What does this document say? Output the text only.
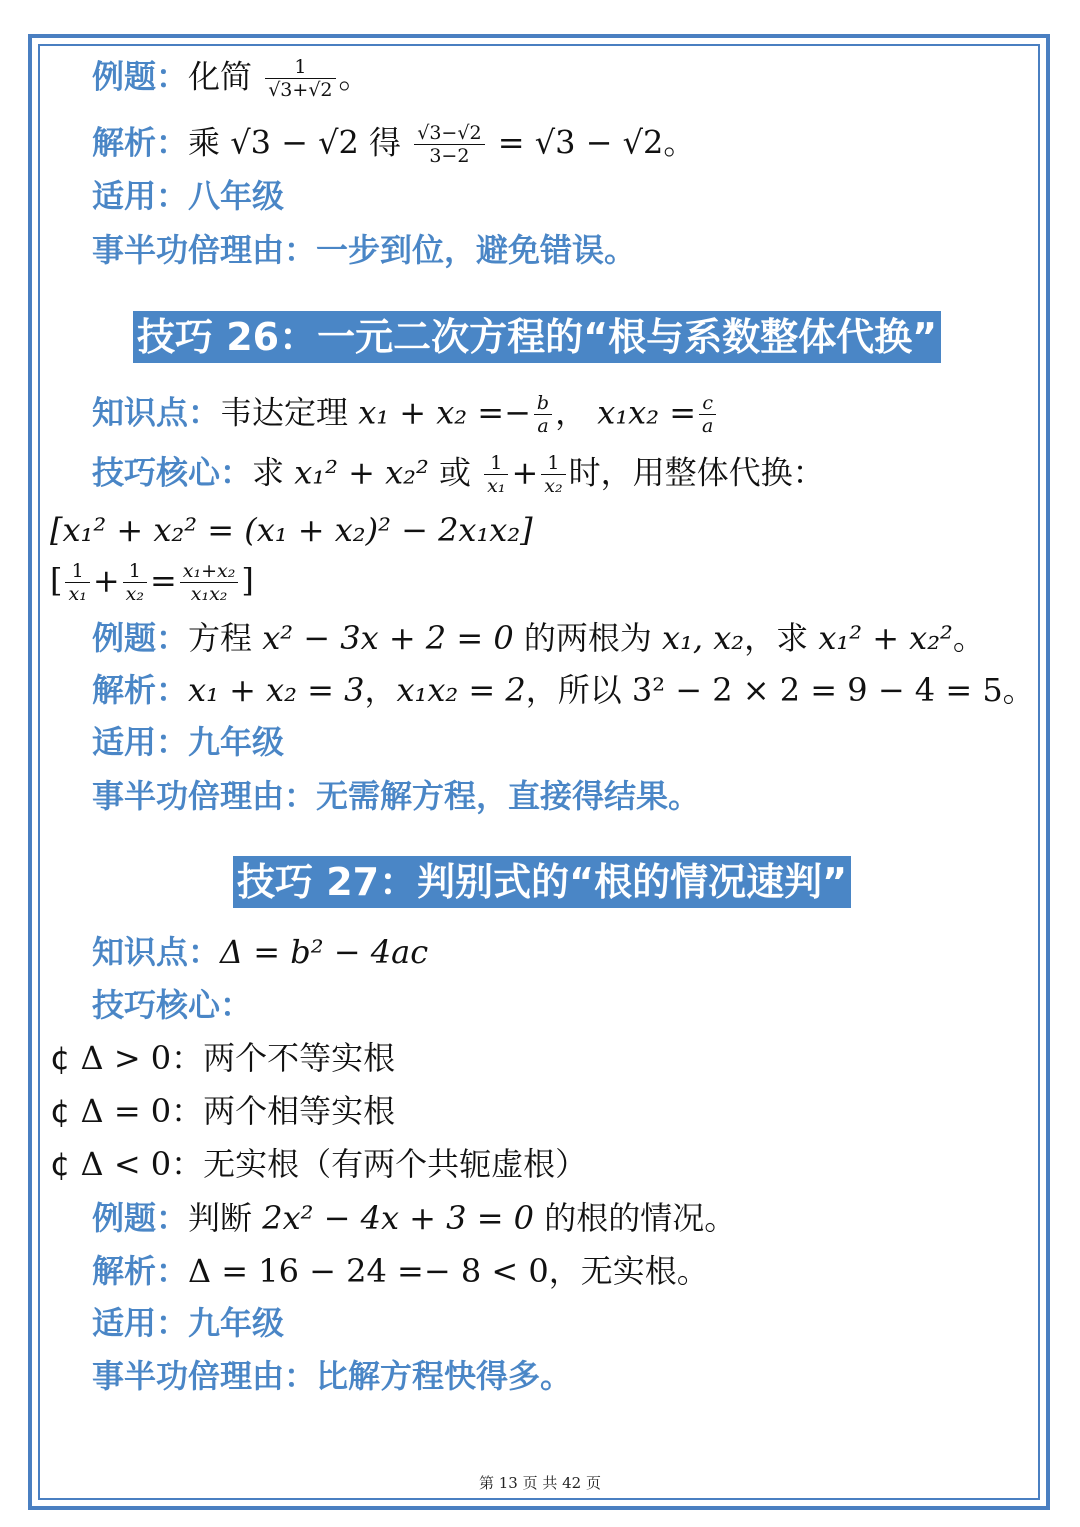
例题：化简 $\frac{1}{√3+√2}$ 。
解析：乘 √3 − √2 得 $\frac{√3-√2}{3-2} = √3 - √2$。
适用：八年级
事半功倍理由：一步到位，避免错误。
技巧 26：一元二次方程的“根与系数整体代换”
知识点：韦达定理 $x_1 + x_2 =- \frac{b}{a}$ ， $x_1x_2 = \frac{c}{a}$
技巧核心：求 x₁² + x₂² 或 $\frac{1}{\text{x₁}} + \frac{1}{\text{x₂}}$ 时，用整体代换：
[x₁² + x₂² = (x₁ + x₂)² − 2x₁x₂]
[ $\frac{1}{\text{x₁}} + \frac{1}{\text{x₂}} = \frac{\text{x₁+x₂}}{\text{x₁x₂}}$ ]
例题：方程 x² − 3x + 2 = 0 的两根为 x₁, x₂，求 x₁² + x₂²。
解析：x₁ + x₂ = 3，x₁x₂ = 2，所以 3² − 2 × 2 = 9 − 4 = 5。
适用：九年级
事半功倍理由：无需解方程，直接得结果。
技巧 27：判别式的“根的情况速判”
知识点：Δ = b² − 4ac
技巧核心：
¢ Δ > 0：两个不等实根
¢ Δ = 0：两个相等实根
¢ Δ < 0：无实根（有两个共轭虚根）
例题：判断 2x² − 4x + 3 = 0 的根的情况。
解析：Δ = 16 − 24 =− 8 < 0，无实根。
适用：九年级
事半功倍理由：比解方程快得多。
第 13 页 共 42 页
